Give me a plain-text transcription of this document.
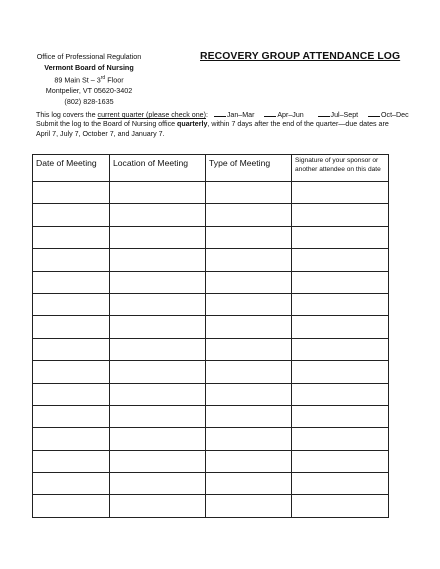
Office of Professional Regulation
Vermont Board of Nursing
89 Main St – 3rd Floor
Montpelier, VT 05620-3402
(802) 828-1635
RECOVERY GROUP ATTENDANCE LOG
This log covers the current quarter (please check one):	Jan–Mar	Apr–Jun	Jul–Sept	Oct–Dec
Submit the log to the Board of Nursing office quarterly, within 7 days after the end of the quarter—due dates are
April 7, July 7, October 7, and January 7.
Date of Meeting	Location of Meeting	Type of Meeting	Signature of your sponsor or another attendee on this date
